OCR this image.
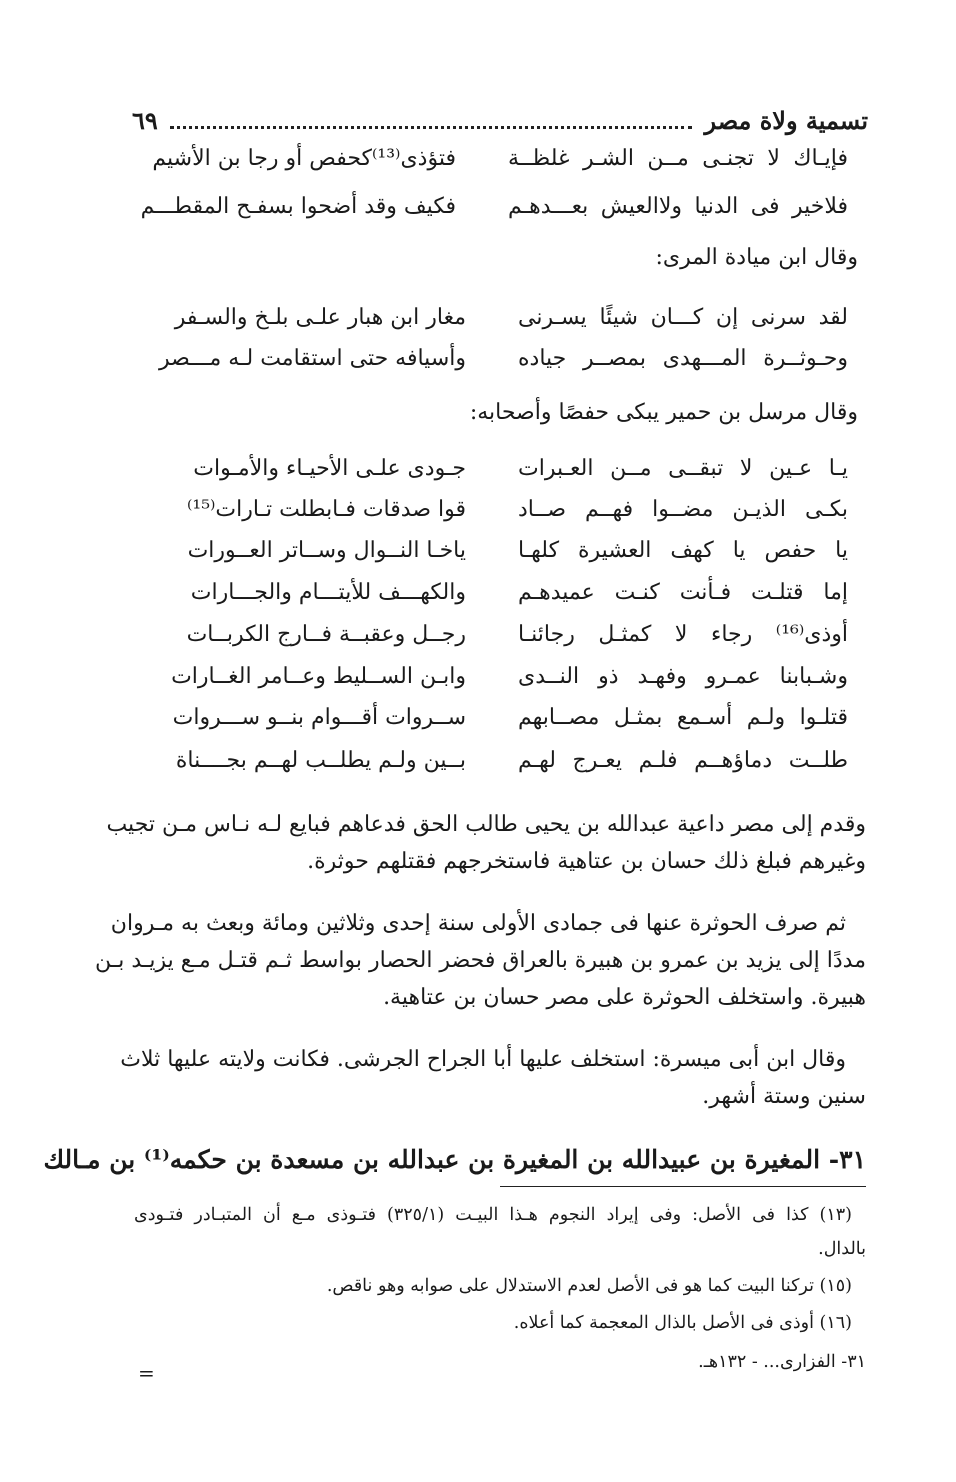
تسمية ولاة مصر
٦٩
فإيـاك لا تجنـى مــن الشـر غلظــة
فتؤذى⁽¹³⁾كحفص أو رجا بن الأشيم
فلاخير فى الدنيا ولاالعيش بعـــدهـم
فكيف وقد أضحوا بسفـح المقطـــم
وقال ابن ميادة المرى:
لقد سرنى إن كـــان شيئًا يسـرنى
مغار ابن هبار علـى بلـخ والسـفر
وحـوثــرة المـــهدى بمصــر جياده
وأسيافه حتى استقامت لـه مـــصر
وقال مرسل بن حمير يبكى حفصًا وأصحابه:
يـا عـين لا تبقــى مــن العـبرات
جـودى علـى الأحيـاء والأمـوات
بكـى الذيـن مضــوا فهــم صــاد
قوا صدقات فـابطلت تـارات⁽¹⁵⁾
يا حفص يا كهف العشيرة كلهـا
ياخـا النــوال وســاتر العــورات
إما قتلـت فـأنت كنـت عميدهـم
والكهـــف للأيتـــام والجـــارات
أوذى⁽¹⁶⁾ رجاء لا كمثـل رجائنـا
رجــل وعقبــة فــارج الكربــات
وشـبابنا عمـرو وفهـد ذو النــدى
وابـن الســليط وعــامر الغــارات
قتلـوا ولـم أسـمع بمثـل مصــابهم
ســروات أقـــوام بنــو ســـروات
طلــت دماؤهــم فلـم يعـرج لهـم
بــين ولـم يطلــب لهــم بجــــناة
وقدم إلى مصر داعية عبدالله بن يحيى طالب الحق فدعاهم فبايع لـه نـاس مـن تجيب
وغيرهم فبلغ ذلك حسان بن عتاهية فاستخرجهم فقتلهم حوثرة.
ثم صرف الحوثرة عنها فى جمادى الأولى سنة إحدى وثلاثين ومائة وبعث به مـروان
مددًا إلى يزيد بن عمرو بن هبيرة بالعراق فحضر الحصار بواسط ثـم قتـل مـع يزيـد بـن
هبيرة. واستخلف الحوثرة على مصر حسان بن عتاهية.
وقال ابن أبى ميسرة: استخلف عليها أبا الجراح الجرشى. فكانت ولايته عليها ثلاث
سنين وستة أشهر.
٣١- المغيرة بن عبيدالله بن المغيرة بن عبدالله بن مسعدة بن حكمه⁽¹⁾ بن مـالك
(١٣) كذا فى الأصل: وفى إيراد النجوم هـذا البيـت (٣٢٥/١) فتـوذى مـع أن المتبـادر فتـودى
بالدال.
(١٥) تركنا البيت كما هو فى الأصل لعدم الاستدلال على صوابه وهو ناقص.
(١٦) أوذى فى الأصل بالذال المعجمة كما أعلاه.
٣١- الفزارى... - ١٣٢هـ.
=
